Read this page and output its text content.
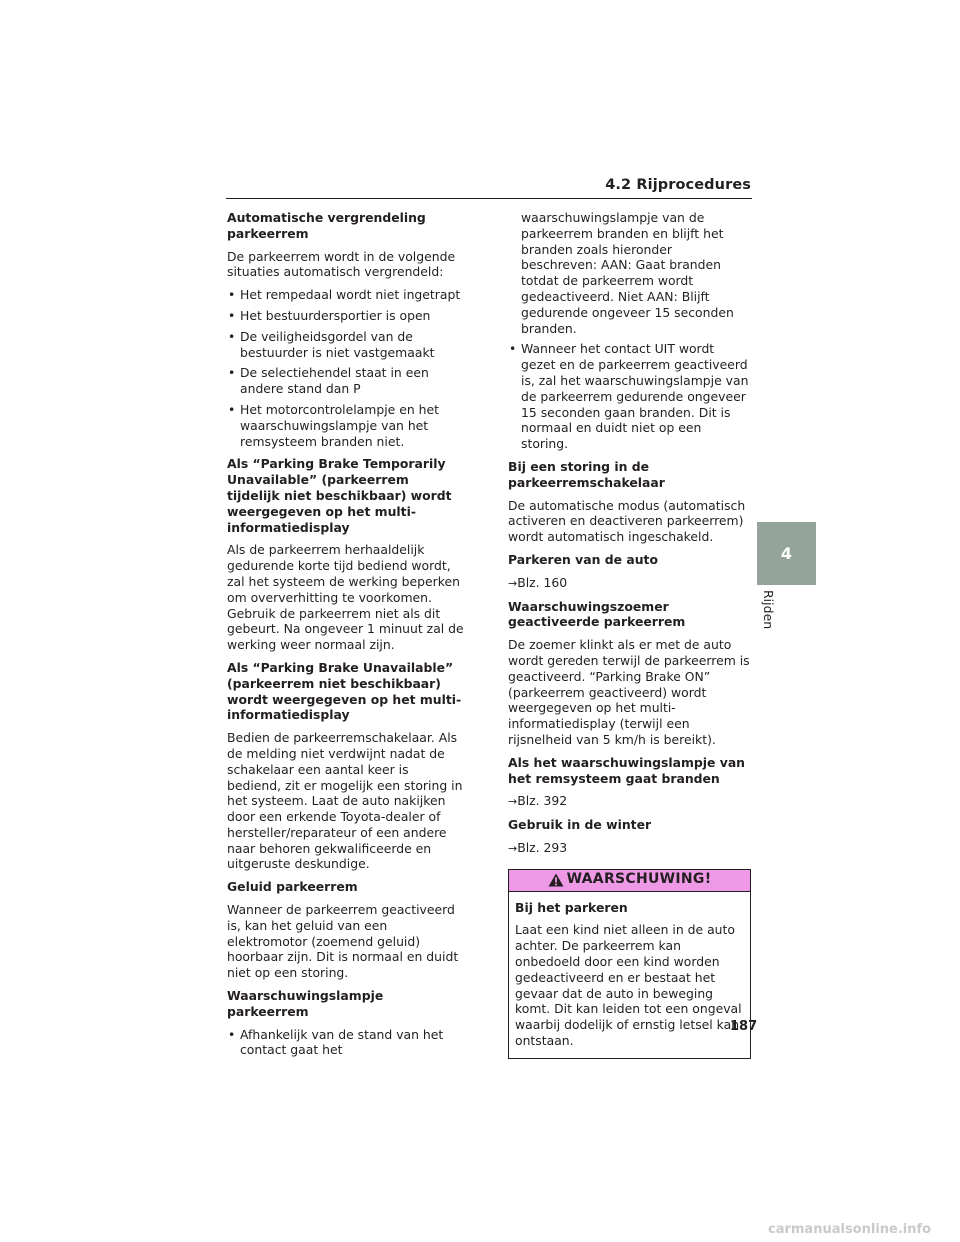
4.2 Rijprocedures
4
Rijden
Automatische vergrendeling parkeerrem

De parkeerrem wordt in de volgende situaties automatisch vergrendeld:

• Het rempedaal wordt niet ingetrapt
• Het bestuurdersportier is open
• De veiligheidsgordel van de bestuurder is niet vastgemaakt
• De selectiehendel staat in een andere stand dan P
• Het motorcontrolelampje en het waarschuwingslampje van het remsysteem branden niet.
Als “Parking Brake Temporarily Unavailable” (parkeerrem tijdelijk niet beschikbaar) wordt weergegeven op het multi-informatiedisplay

Als de parkeerrem herhaaldelijk gedurende korte tijd bediend wordt, zal het systeem de werking beperken om oververhitting te voorkomen. Gebruik de parkeerrem niet als dit gebeurt. Na ongeveer 1 minuut zal de werking weer normaal zijn.

Als “Parking Brake Unavailable” (parkeerrem niet beschikbaar) wordt weergegeven op het multi-informatiedisplay

Bedien de parkeerremschakelaar. Als de melding niet verdwijnt nadat de schakelaar een aantal keer is bediend, zit er mogelijk een storing in het systeem. Laat de auto nakijken door een erkende Toyota-dealer of hersteller/reparateur of een andere naar behoren gekwalificeerde en uitgeruste deskundige.

Geluid parkeerrem

Wanneer de parkeerrem geactiveerd is, kan het geluid van een elektromotor (zoemend geluid) hoorbaar zijn. Dit is normaal en duidt niet op een storing.

Waarschuwingslampje parkeerrem
• Afhankelijk van de stand van het contact gaat het
waarschuwingslampje van de parkeerrem branden en blijft het branden zoals hieronder beschreven: AAN: Gaat branden totdat de parkeerrem wordt gedeactiveerd. Niet AAN: Blijft gedurende ongeveer 15 seconden branden.
• Wanneer het contact UIT wordt gezet en de parkeerrem geactiveerd is, zal het waarschuwingslampje van de parkeerrem gedurende ongeveer 15 seconden gaan branden. Dit is normaal en duidt niet op een storing.
Bij een storing in de parkeerremschakelaar

De automatische modus (automatisch activeren en deactiveren parkeerrem) wordt automatisch ingeschakeld.

Parkeren van de auto
→Blz. 160
Waarschuwingszoemer geactiveerde parkeerrem

De zoemer klinkt als er met de auto wordt gereden terwijl de parkeerrem is geactiveerd. “Parking Brake ON” (parkeerrem geactiveerd) wordt weergegeven op het multi-informatiedisplay (terwijl een rijsnelheid van 5 km/h is bereikt).

Als het waarschuwingslampje van het remsysteem gaat branden
→Blz. 392
Gebruik in de winter
→Blz. 293
WAARSCHUWING!
Bij het parkeren

Laat een kind niet alleen in de auto achter. De parkeerrem kan onbedoeld door een kind worden gedeactiveerd en er bestaat het gevaar dat de auto in beweging komt. Dit kan leiden tot een ongeval waarbij dodelijk of ernstig letsel kan ontstaan.

187
carmanualsonline.info
